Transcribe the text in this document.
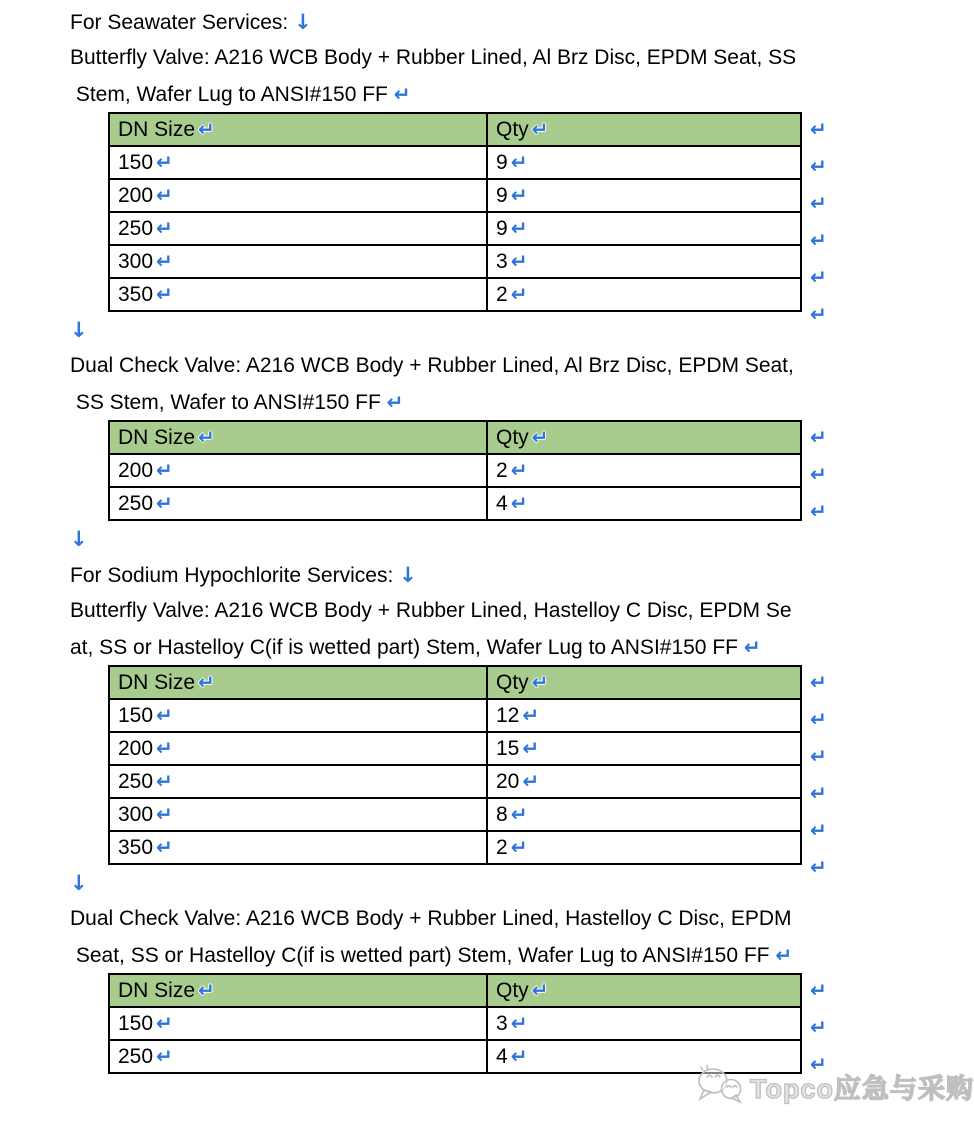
For Seawater Services: ↓
Butterfly Valve: A216 WCB Body + Rubber Lined, Al Brz Disc, EPDM Seat, SS
Stem, Wafer Lug to ANSI#150 FF ↵
DN Size ↵	Qty ↵
150 ↵	9 ↵
200 ↵	9 ↵
250 ↵	9 ↵
300 ↵	3 ↵
350 ↵	2 ↵
↵
↵
↵
↵
↵
↵
↓
Dual Check Valve: A216 WCB Body + Rubber Lined, Al Brz Disc, EPDM Seat,
SS Stem, Wafer to ANSI#150 FF ↵
DN Size ↵	Qty ↵
200 ↵	2 ↵
250 ↵	4 ↵
↵
↵
↵
↓
For Sodium Hypochlorite Services: ↓
Butterfly Valve: A216 WCB Body + Rubber Lined, Hastelloy C Disc, EPDM Se
at, SS or Hastelloy C(if is wetted part) Stem, Wafer Lug to ANSI#150 FF ↵
DN Size ↵	Qty ↵
150 ↵	12 ↵
200 ↵	15 ↵
250 ↵	20 ↵
300 ↵	8 ↵
350 ↵	2 ↵
↵
↵
↵
↵
↵
↵
↓
Dual Check Valve: A216 WCB Body + Rubber Lined, Hastelloy C Disc, EPDM
Seat, SS or Hastelloy C(if is wetted part) Stem, Wafer Lug to ANSI#150 FF ↵
DN Size ↵	Qty ↵
150 ↵	3 ↵
250 ↵	4 ↵
↵
↵
↵
Topco应急与采购
